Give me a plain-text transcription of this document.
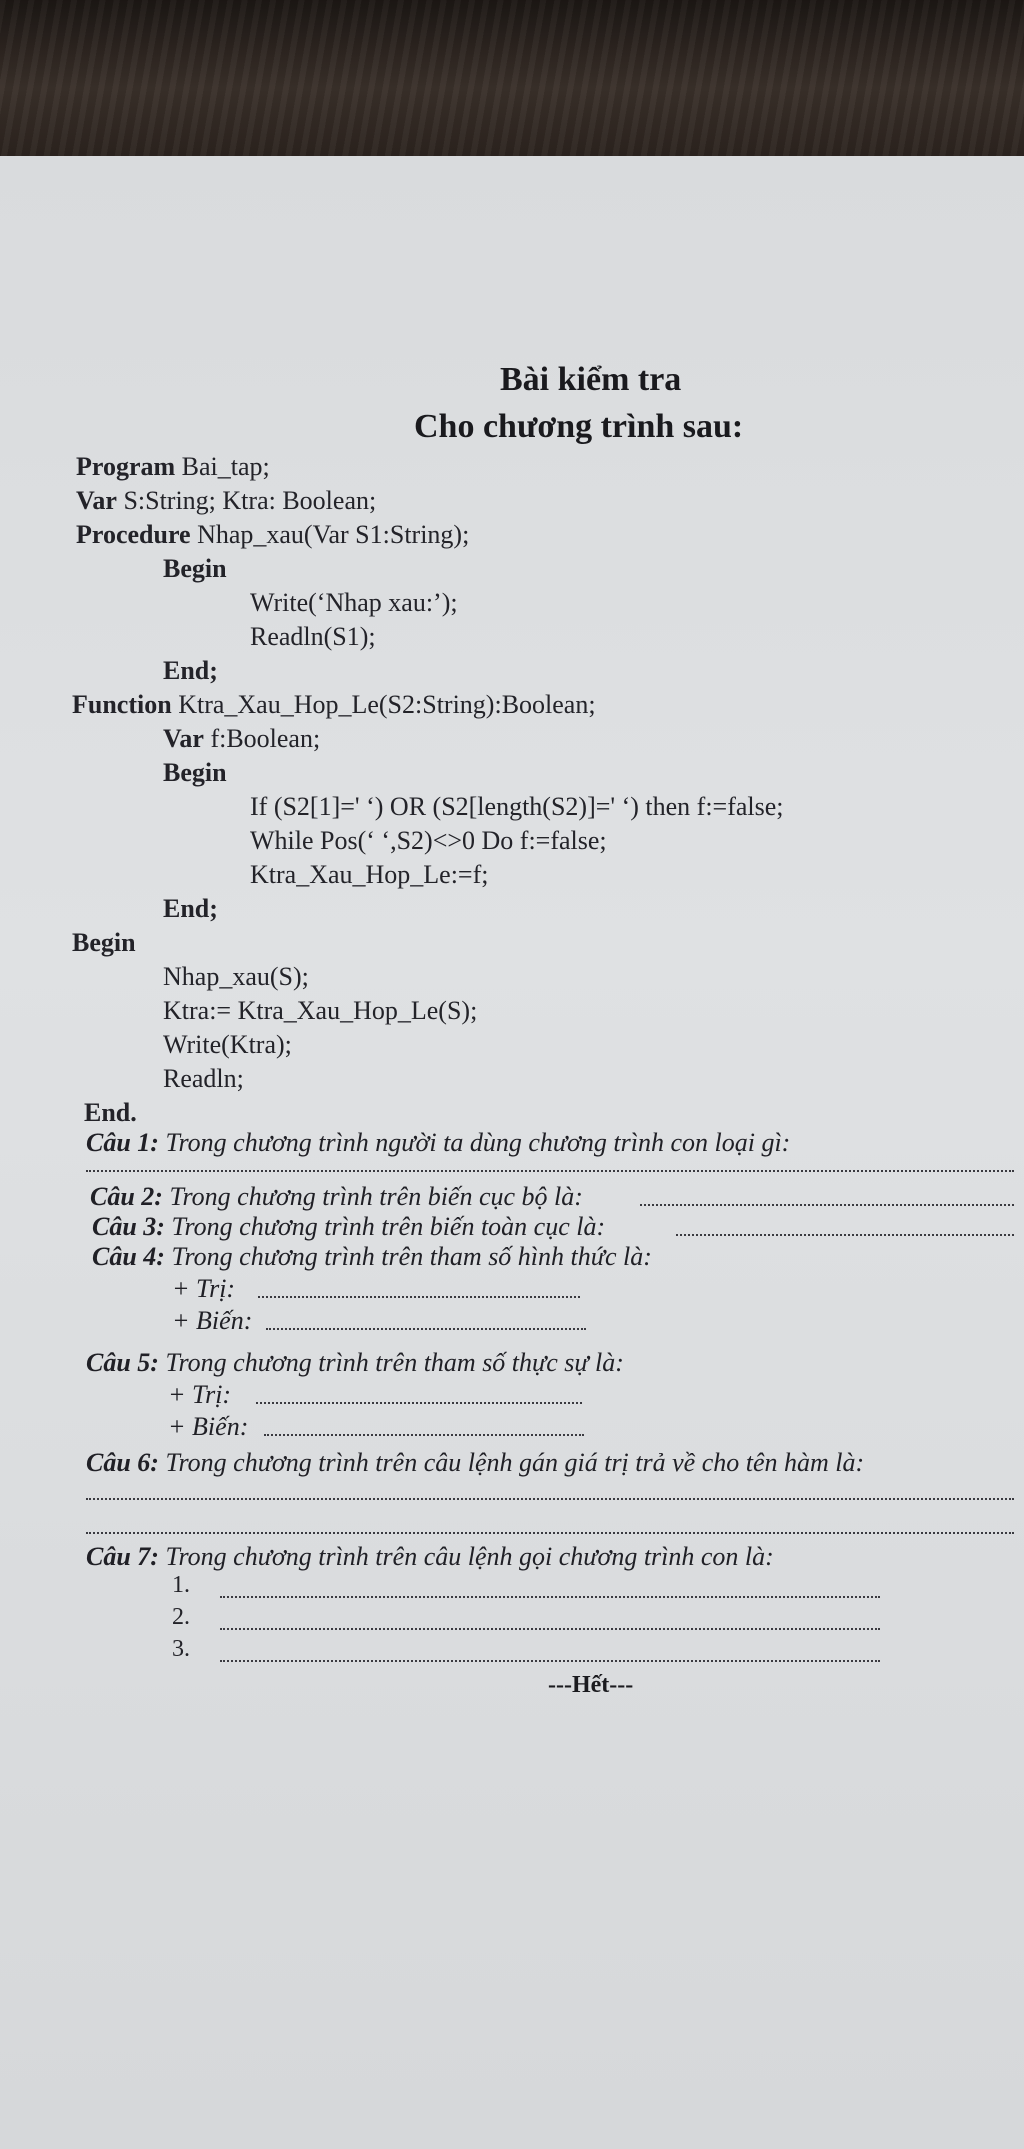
Bài kiểm tra
Cho chương trình sau:
Program Bai_tap;
Var S:String; Ktra: Boolean;
Procedure Nhap_xau(Var S1:String);
Begin
Write(‘Nhap xau:’);
Readln(S1);
End;
Function Ktra_Xau_Hop_Le(S2:String):Boolean;
Var f:Boolean;
Begin
If (S2[1]=' ‘) OR (S2[length(S2)]=' ‘) then f:=false;
While Pos(‘ ‘,S2)<>0 Do f:=false;
Ktra_Xau_Hop_Le:=f;
End;
Begin
Nhap_xau(S);
Ktra:= Ktra_Xau_Hop_Le(S);
Write(Ktra);
Readln;
End.
Câu 1: Trong chương trình người ta dùng chương trình con loại gì:
Câu 2: Trong chương trình trên biến cục bộ là:
Câu 3: Trong chương trình trên biến toàn cục là:
Câu 4: Trong chương trình trên tham số hình thức là:
+ Trị:
+ Biến:
Câu 5: Trong chương trình trên tham số thực sự là:
+ Trị:
+ Biến:
Câu 6: Trong chương trình trên câu lệnh gán giá trị trả về cho tên hàm là:
Câu 7: Trong chương trình trên câu lệnh gọi chương trình con là:
1.
2.
3.
---Hết---
